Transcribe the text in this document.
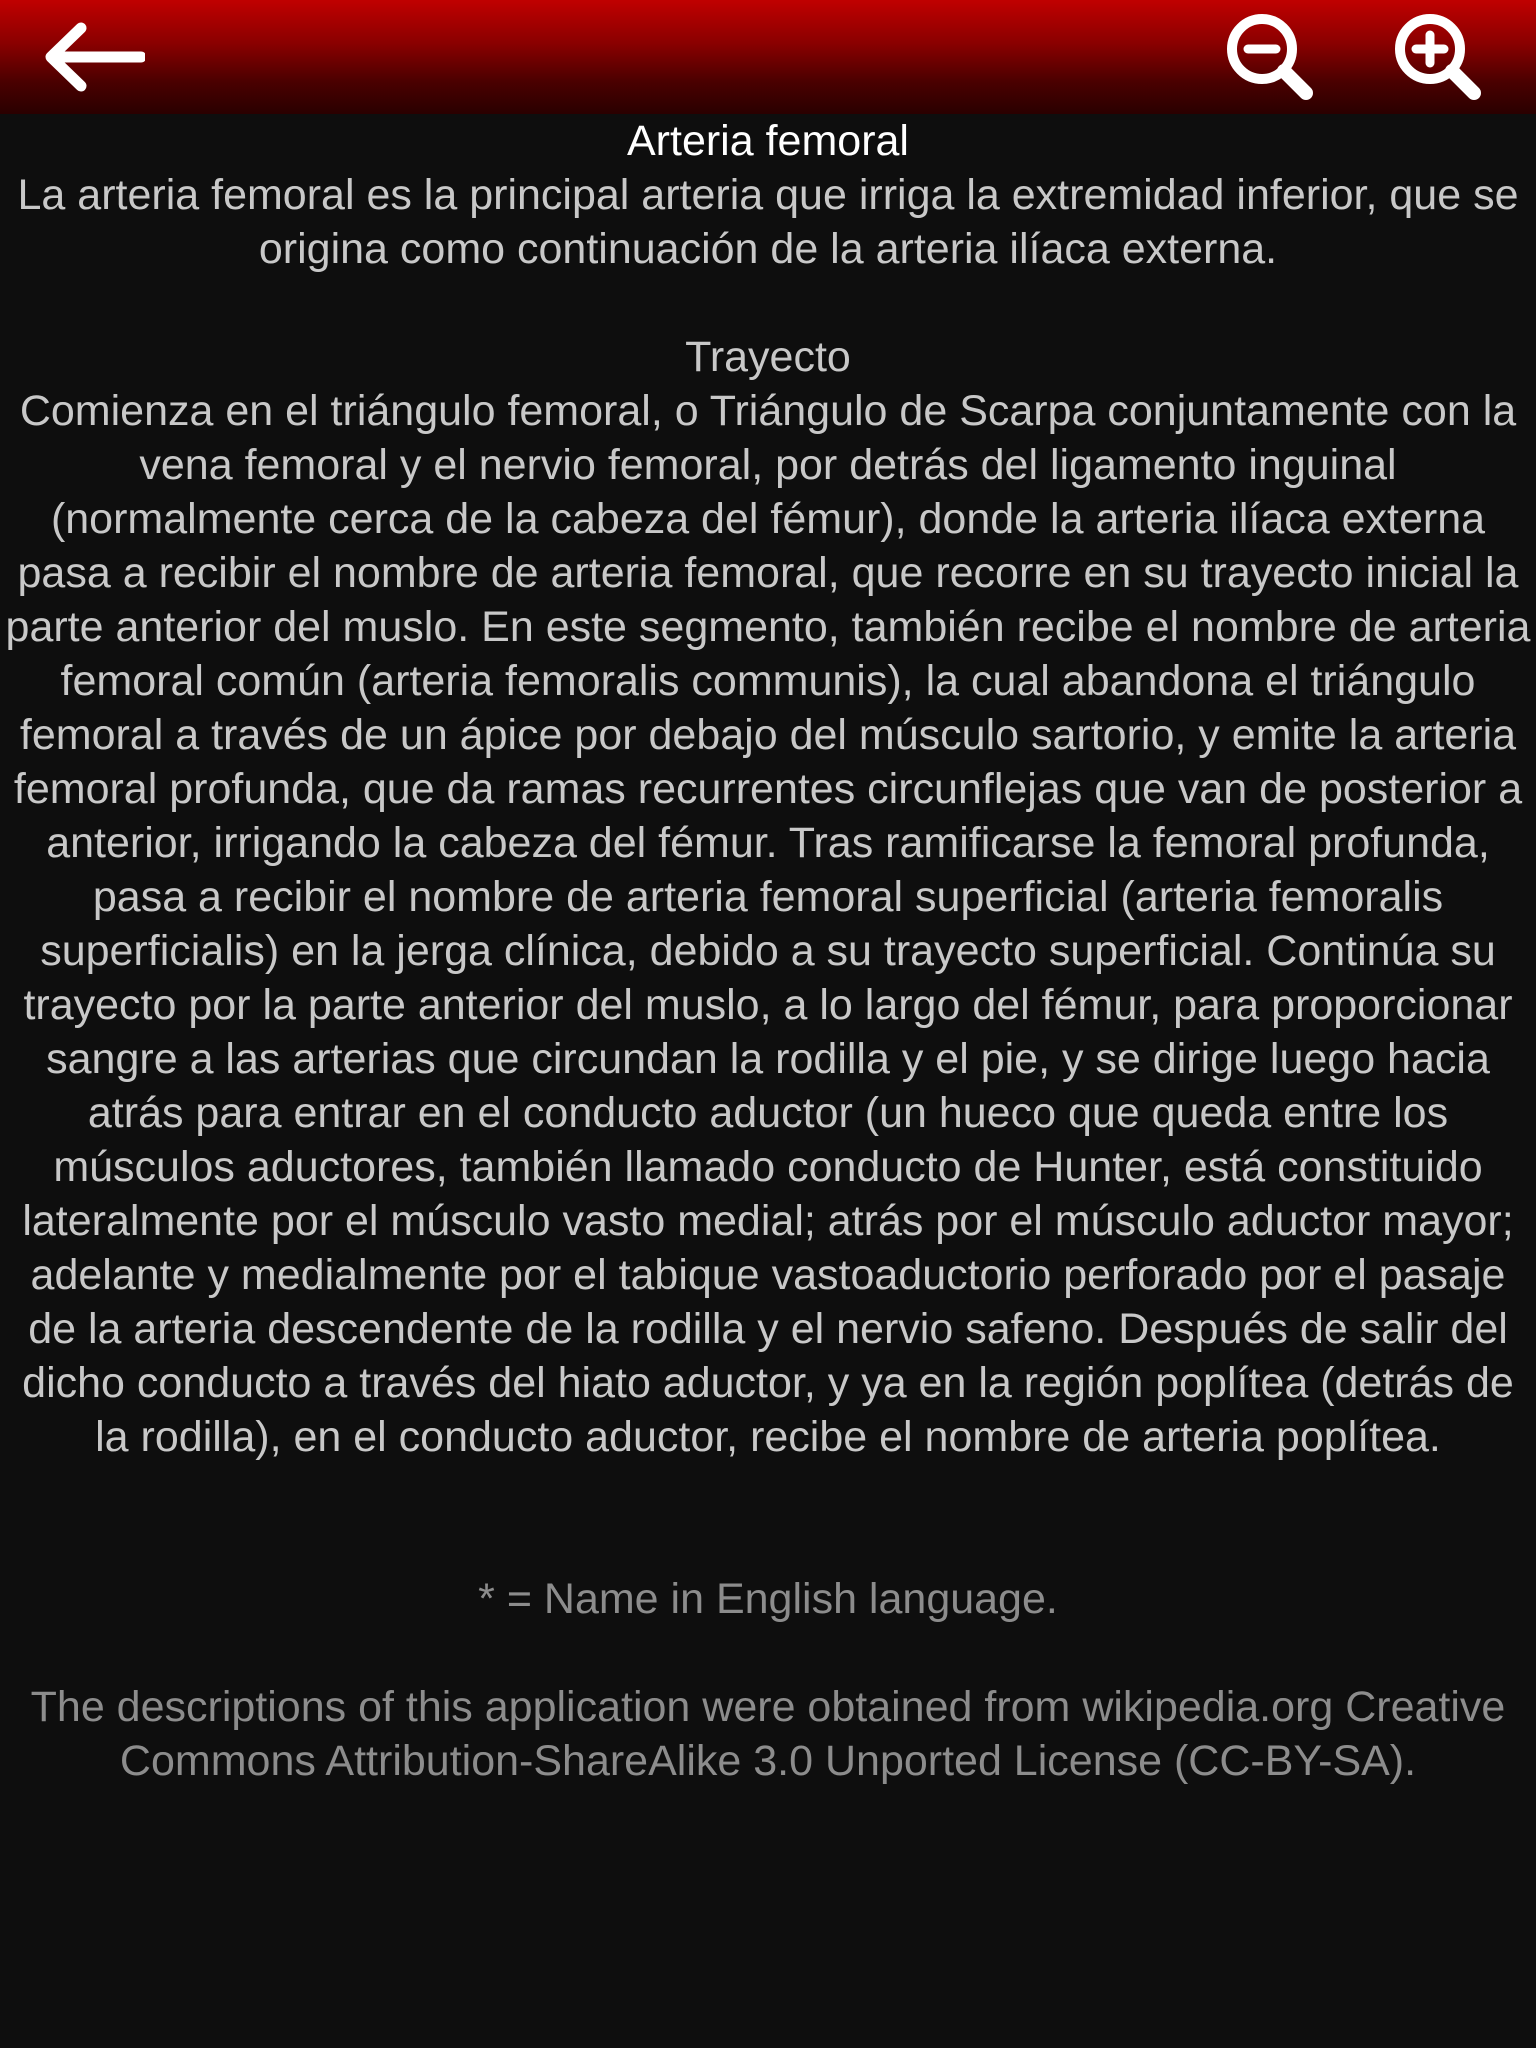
Arteria femoral

La arteria femoral es la principal arteria que irriga la extremidad inferior, que se origina como continuación de la arteria ilíaca externa.

Trayecto

Comienza en el triángulo femoral, o Triángulo de Scarpa conjuntamente con la vena femoral y el nervio femoral, por detrás del ligamento inguinal (normalmente cerca de la cabeza del fémur), donde la arteria ilíaca externa pasa a recibir el nombre de arteria femoral, que recorre en su trayecto inicial la parte anterior del muslo. En este segmento, también recibe el nombre de arteria femoral común (arteria femoralis communis), la cual abandona el triángulo femoral a través de un ápice por debajo del músculo sartorio, y emite la arteria femoral profunda, que da ramas recurrentes circunflejas que van de posterior a anterior, irrigando la cabeza del fémur. Tras ramificarse la femoral profunda, pasa a recibir el nombre de arteria femoral superficial (arteria femoralis superficialis) en la jerga clínica, debido a su trayecto superficial. Continúa su trayecto por la parte anterior del muslo, a lo largo del fémur, para proporcionar sangre a las arterias que circundan la rodilla y el pie, y se dirige luego hacia atrás para entrar en el conducto aductor (un hueco que queda entre los músculos aductores, también llamado conducto de Hunter, está constituido lateralmente por el músculo vasto medial; atrás por el músculo aductor mayor; adelante y medialmente por el tabique vastoaductorio perforado por el pasaje de la arteria descendente de la rodilla y el nervio safeno. Después de salir del dicho conducto a través del hiato aductor, y ya en la región poplítea (detrás de la rodilla), en el conducto aductor, recibe el nombre de arteria poplítea.

* = Name in English language.

The descriptions of this application were obtained from wikipedia.org Creative Commons Attribution-ShareAlike 3.0 Unported License (CC-BY-SA).
